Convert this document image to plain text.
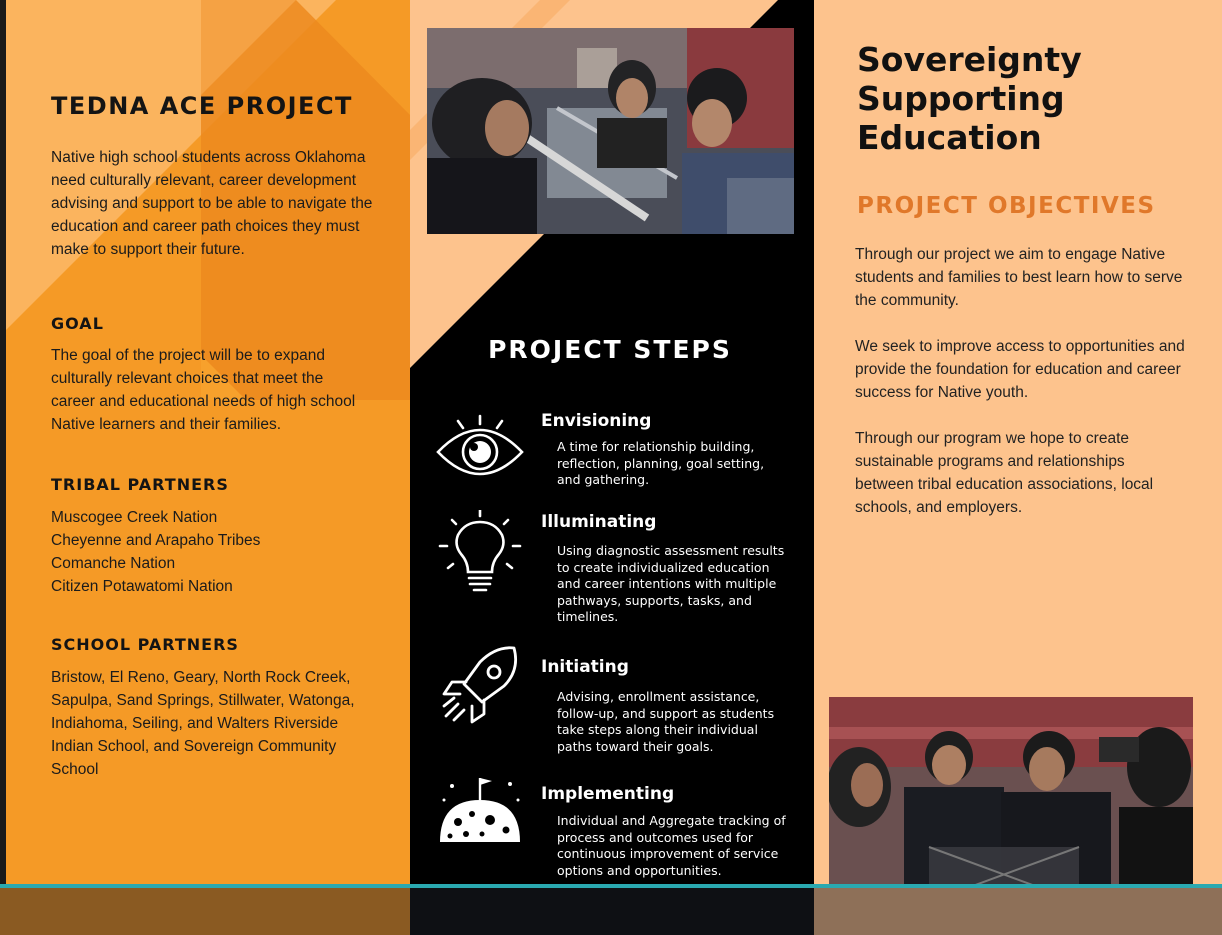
TEDNA ACE PROJECT

Native high school students across Oklahoma need culturally relevant, career development advising and support to be able to navigate the education and career path choices they must make to support their future.

GOAL

The goal of the project will be to expand culturally relevant choices that meet the career and educational needs of high school Native learners and their families.

TRIBAL PARTNERS
Muscogee Creek Nation
Cheyenne and Arapaho Tribes
Comanche Nation
Citizen Potawatomi Nation
SCHOOL PARTNERS

Bristow, El Reno, Geary, North Rock Creek, Sapulpa, Sand Springs, Stillwater, Watonga, Indiahoma, Seiling, and Walters Riverside Indian School, and Sovereign Community School

PROJECT STEPS
Envisioning
A time for relationship building, reflection, planning, goal setting, and gathering.
Illuminating
Using diagnostic assessment results to create individualized education and career intentions with multiple pathways, supports, tasks, and timelines.
Initiating
Advising, enrollment assistance, follow-up, and support as students take steps along their individual paths toward their goals.
Implementing
Individual and Aggregate tracking of process and outcomes used for continuous improvement of service options and opportunities.
Sovereignty Supporting Education
PROJECT OBJECTIVES

Through our project we aim to engage Native students and families to best learn how to serve the community.

We seek to improve access to opportunities and provide the foundation for education and career success for Native youth.

Through our program we hope to create sustainable programs and relationships between tribal education associations, local schools, and employers.
